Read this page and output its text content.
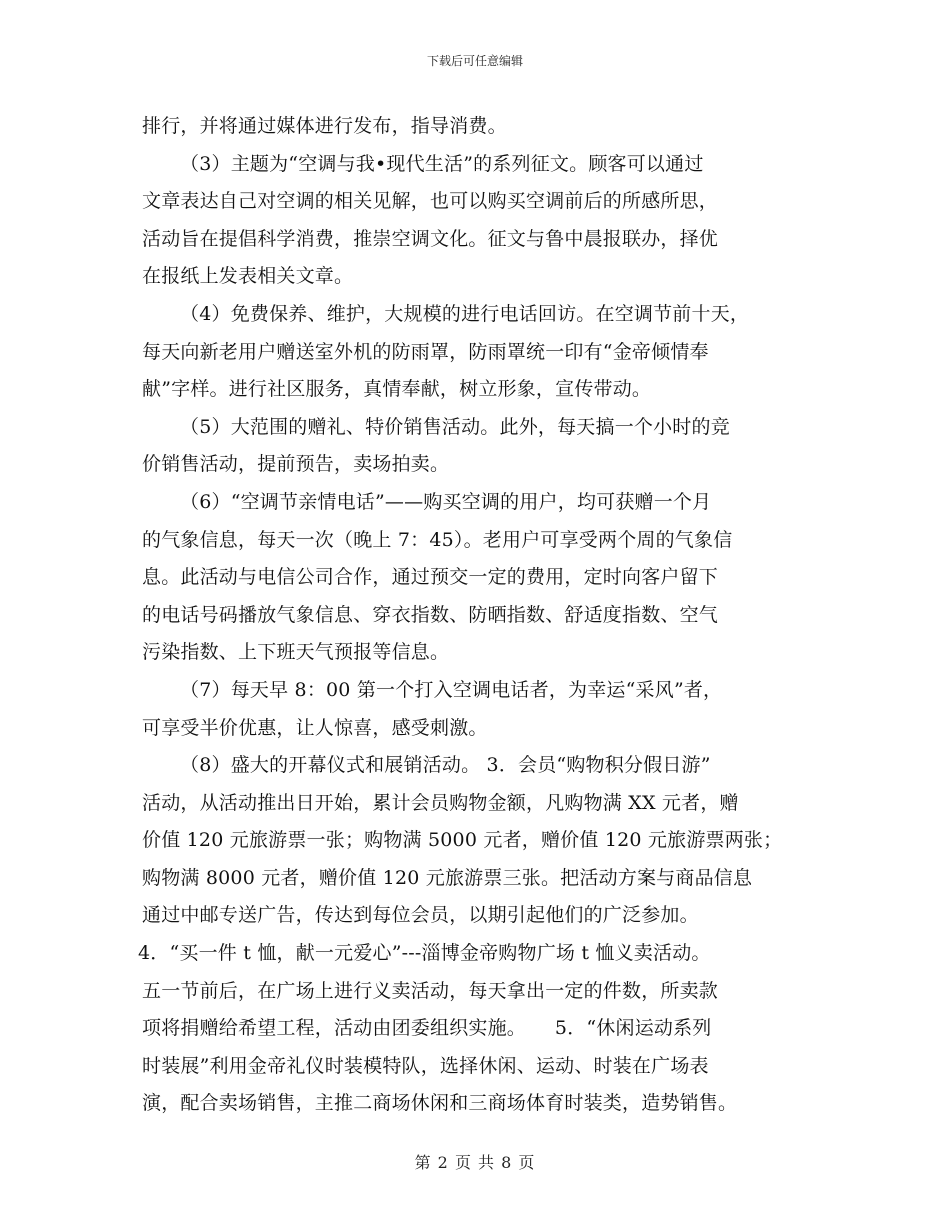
下载后可任意编辑
排行，并将通过媒体进行发布，指导消费。
（3）主题为“空调与我•现代生活”的系列征文。顾客可以通过
文章表达自己对空调的相关见解，也可以购买空调前后的所感所思，
活动旨在提倡科学消费，推崇空调文化。征文与鲁中晨报联办，择优
在报纸上发表相关文章。
（4）免费保养、维护，大规模的进行电话回访。在空调节前十天，
每天向新老用户赠送室外机的防雨罩，防雨罩统一印有“金帝倾情奉
献”字样。进行社区服务，真情奉献，树立形象，宣传带动。
（5）大范围的赠礼、特价销售活动。此外，每天搞一个小时的竞
价销售活动，提前预告，卖场拍卖。
（6）“空调节亲情电话”——购买空调的用户，均可获赠一个月
的气象信息，每天一次（晚上 7：45）。老用户可享受两个周的气象信
息。此活动与电信公司合作，通过预交一定的费用，定时向客户留下
的电话号码播放气象信息、穿衣指数、防晒指数、舒适度指数、空气
污染指数、上下班天气预报等信息。
（7）每天早 8：00 第一个打入空调电话者，为幸运“采风”者，
可享受半价优惠，让人惊喜，感受刺激。
（8）盛大的开幕仪式和展销活动。 3．会员“购物积分假日游”
活动，从活动推出日开始，累计会员购物金额，凡购物满 XX 元者，赠
价值 120 元旅游票一张；购物满 5000 元者，赠价值 120 元旅游票两张；
购物满 8000 元者，赠价值 120 元旅游票三张。把活动方案与商品信息
通过中邮专送广告，传达到每位会员，以期引起他们的广泛参加。
4．“买一件 t 恤，献一元爱心”---淄博金帝购物广场 t 恤义卖活动。
五一节前后，在广场上进行义卖活动，每天拿出一定的件数，所卖款
项将捐赠给希望工程，活动由团委组织实施。　　5．“休闲运动系列
时装展”利用金帝礼仪时装模特队，选择休闲、运动、时装在广场表
演，配合卖场销售，主推二商场休闲和三商场体育时装类，造势销售。
第 2 页 共 8 页
